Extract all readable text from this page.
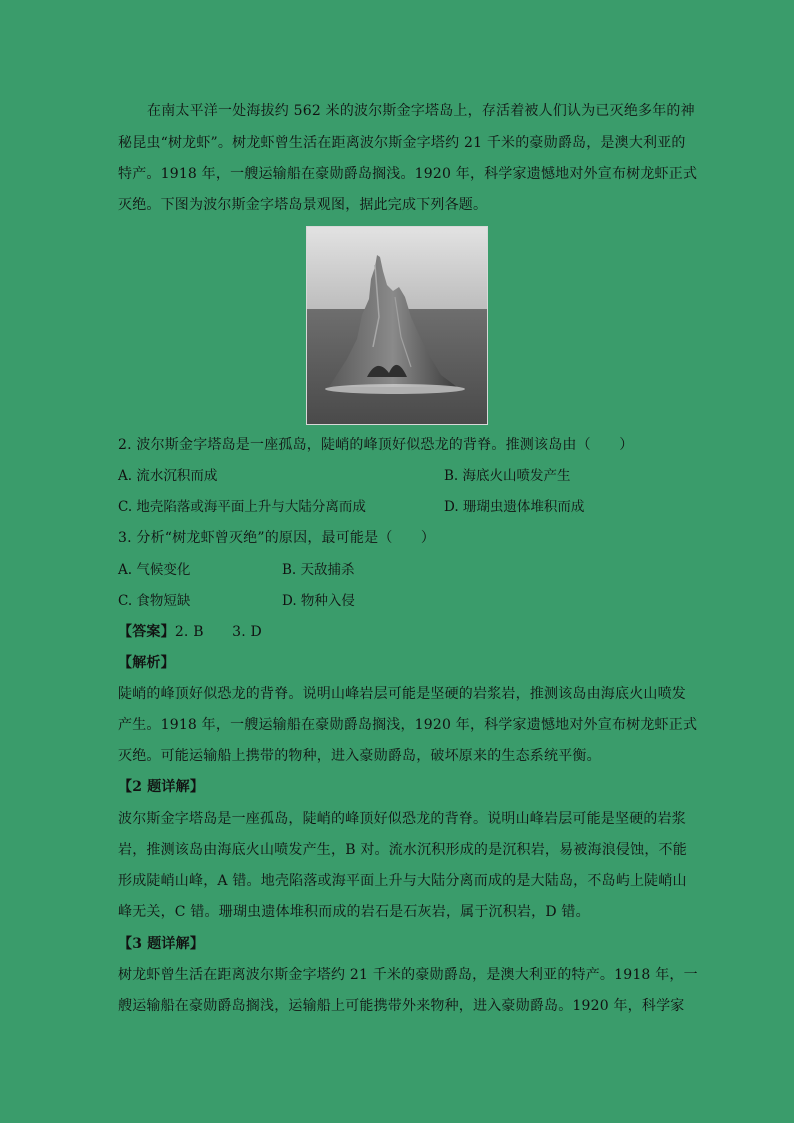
在南太平洋一处海拔约 562 米的波尔斯金字塔岛上，存活着被人们认为已灭绝多年的神
秘昆虫“树龙虾”。树龙虾曾生活在距离波尔斯金字塔约 21 千米的豪勋爵岛，是澳大利亚的
特产。1918 年，一艘运输船在豪勋爵岛搁浅。1920 年，科学家遗憾地对外宣布树龙虾正式
灭绝。下图为波尔斯金字塔岛景观图，据此完成下列各题。
2. 波尔斯金字塔岛是一座孤岛，陡峭的峰顶好似恐龙的背脊。推测该岛由（　　）
A. 流水沉积而成	B. 海底火山喷发产生
C. 地壳陷落或海平面上升与大陆分离而成	D. 珊瑚虫遗体堆积而成
3. 分析“树龙虾曾灭绝”的原因，最可能是（　　）
A. 气候变化	B. 天敌捕杀
C. 食物短缺	D. 物种入侵
【答案】2. B　　3. D
【解析】
陡峭的峰顶好似恐龙的背脊。说明山峰岩层可能是坚硬的岩浆岩，推测该岛由海底火山喷发
产生。1918 年，一艘运输船在豪勋爵岛搁浅，1920 年，科学家遗憾地对外宣布树龙虾正式
灭绝。可能运输船上携带的物种，进入豪勋爵岛，破坏原来的生态系统平衡。
【2 题详解】
波尔斯金字塔岛是一座孤岛，陡峭的峰顶好似恐龙的背脊。说明山峰岩层可能是坚硬的岩浆
岩，推测该岛由海底火山喷发产生，B 对。流水沉积形成的是沉积岩，易被海浪侵蚀，不能
形成陡峭山峰，A 错。地壳陷落或海平面上升与大陆分离而成的是大陆岛，不岛屿上陡峭山
峰无关，C 错。珊瑚虫遗体堆积而成的岩石是石灰岩，属于沉积岩，D 错。
【3 题详解】
树龙虾曾生活在距离波尔斯金字塔约 21 千米的豪勋爵岛，是澳大利亚的特产。1918 年，一
艘运输船在豪勋爵岛搁浅，运输船上可能携带外来物种，进入豪勋爵岛。1920 年，科学家
